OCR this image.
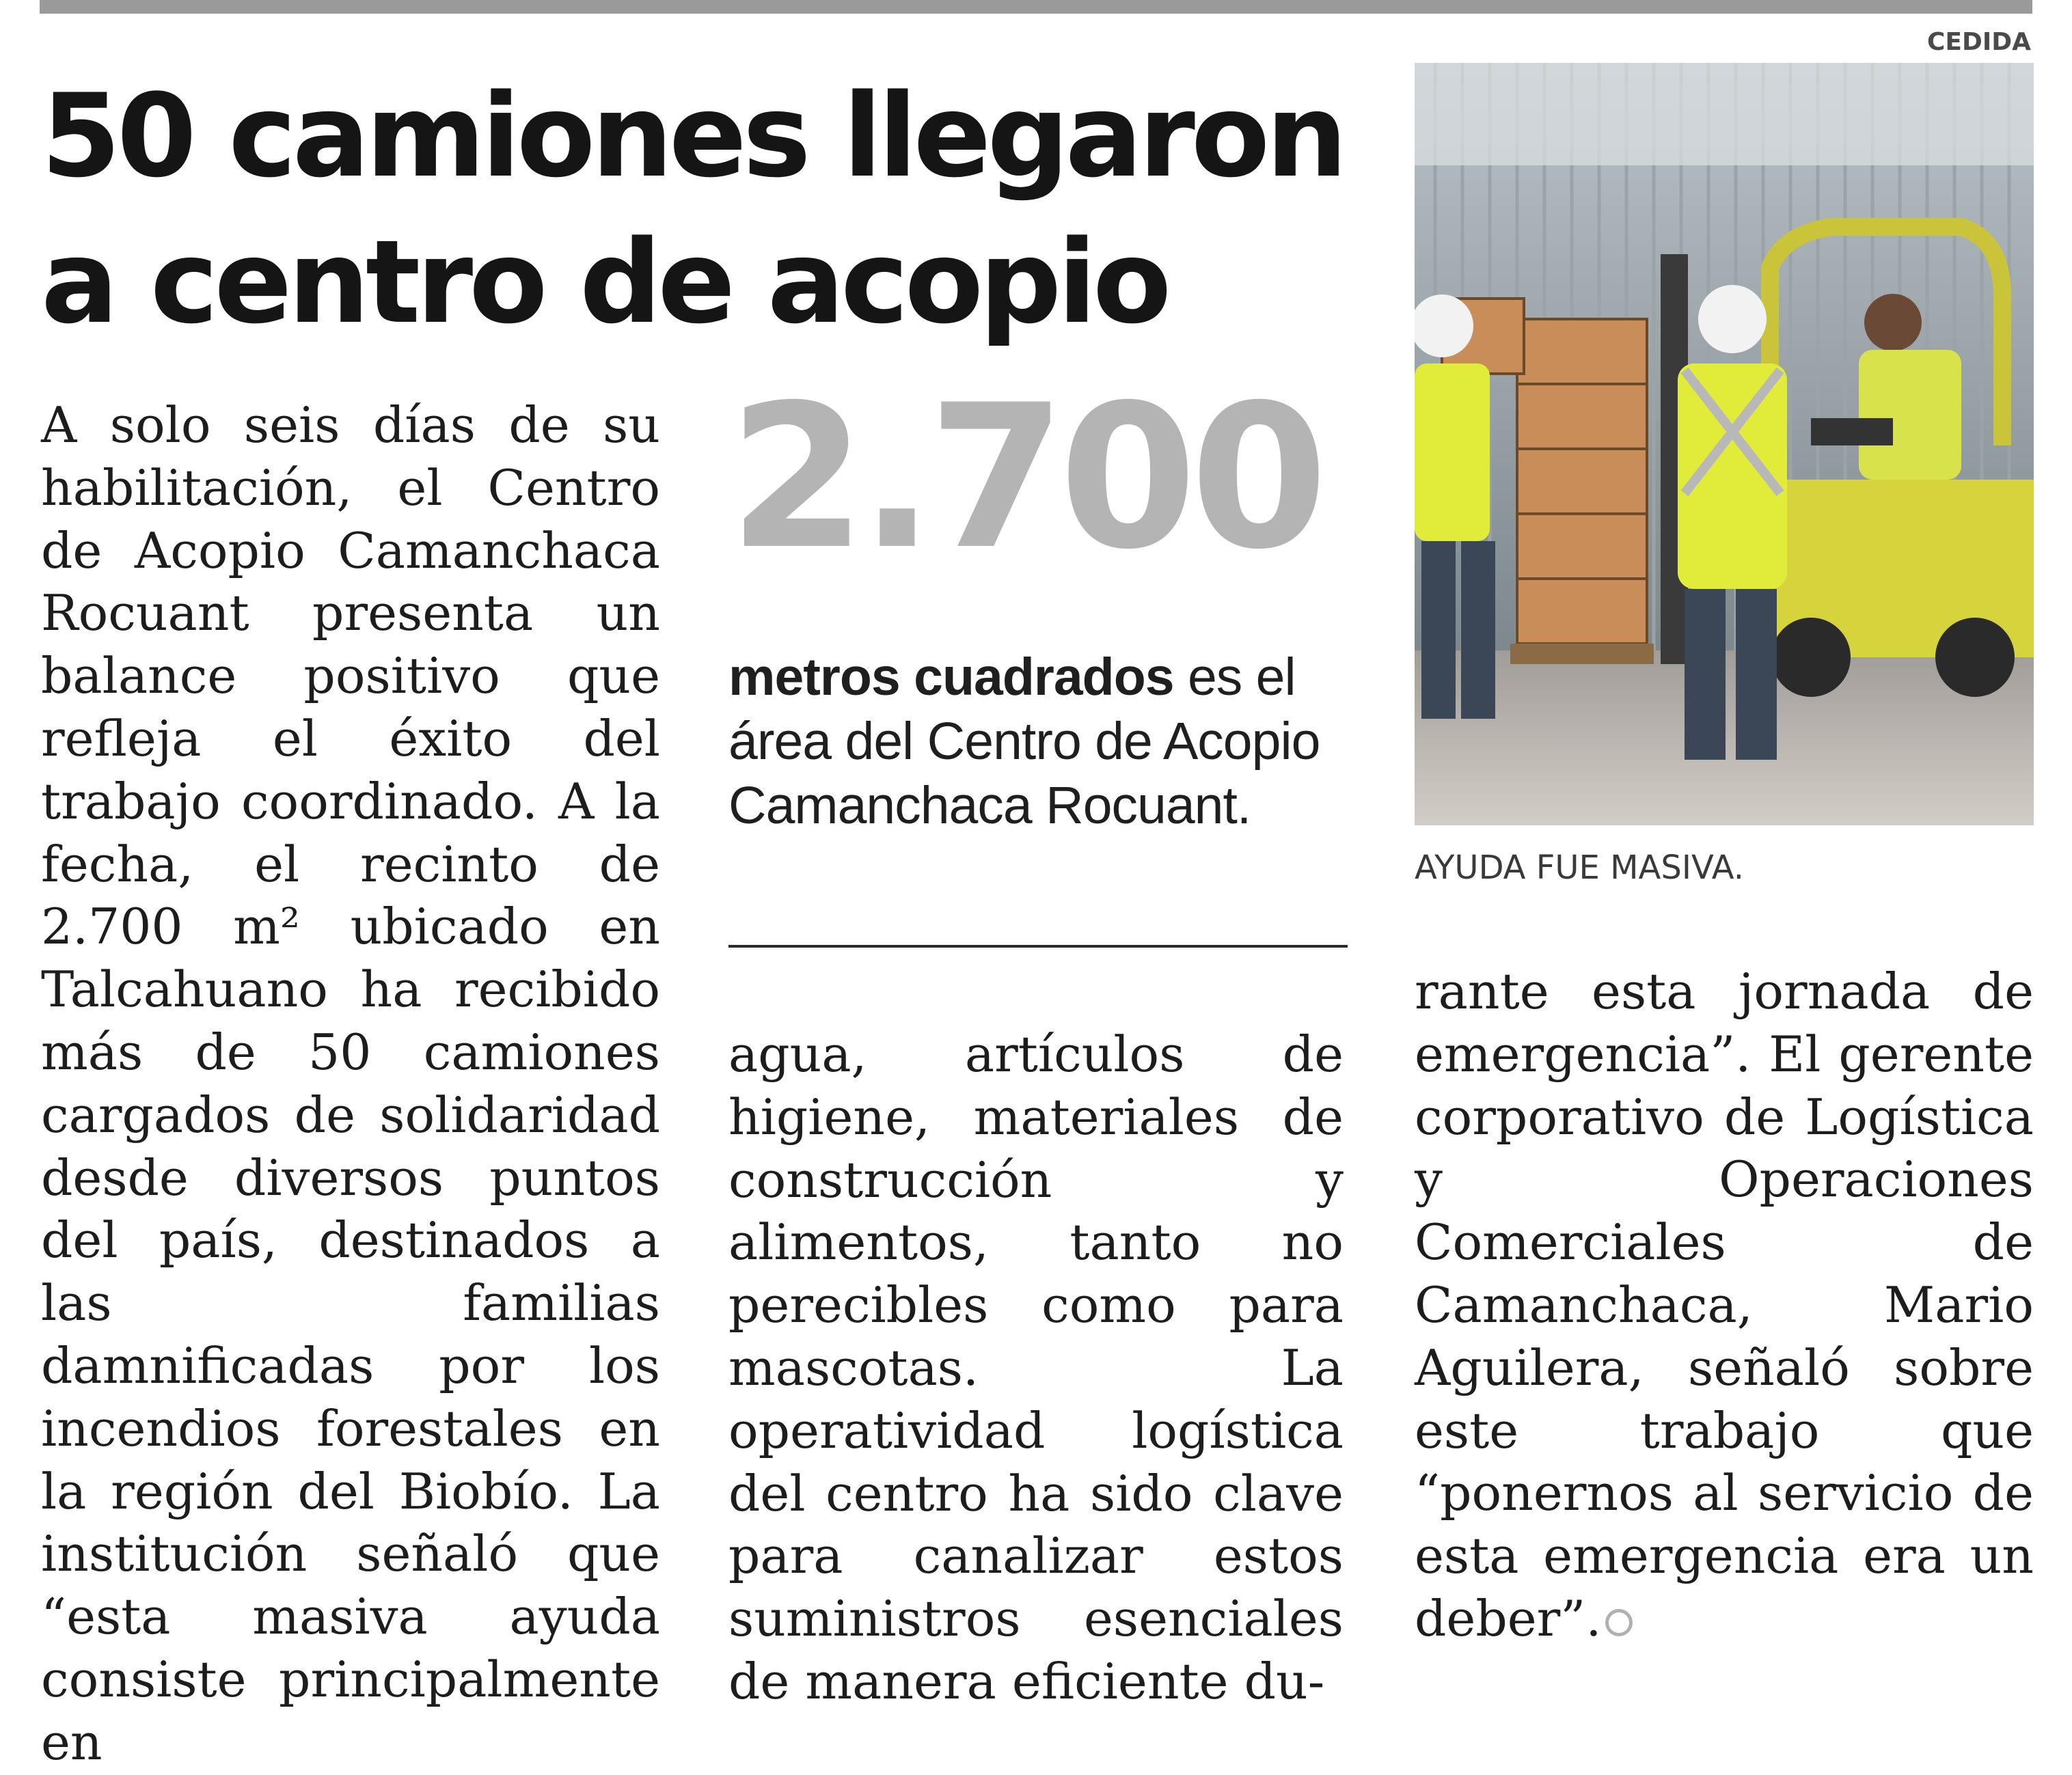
50 camiones llegaron
a centro de acopio
A solo seis días de su habilitación, el Centro de Acopio Camanchaca Rocuant presenta un balance positivo que refleja el éxito del trabajo coordinado. A la fecha, el recinto de 2.700 m² ubicado en Talcahuano ha recibido más de 50 camiones cargados de solidaridad desde diversos puntos del país, destinados a las familias damnificadas por los incendios forestales en la región del Biobío. La institución señaló que “esta masiva ayuda consiste principalmente en
2.700
metros cuadrados es el área del Centro de Acopio Camanchaca Rocuant.
agua, artículos de higiene, materiales de construcción y alimentos, tanto no perecibles como para mascotas. La operatividad logística del centro ha sido clave para canalizar estos suministros esenciales de manera eficiente du-
CEDIDA
AYUDA FUE MASIVA.
rante esta jornada de emergencia”. El gerente corporativo de Logística y Operaciones Comerciales de Camanchaca, Mario Aguilera, señaló sobre este trabajo que “ponernos al servicio de esta emergencia era un deber”.
